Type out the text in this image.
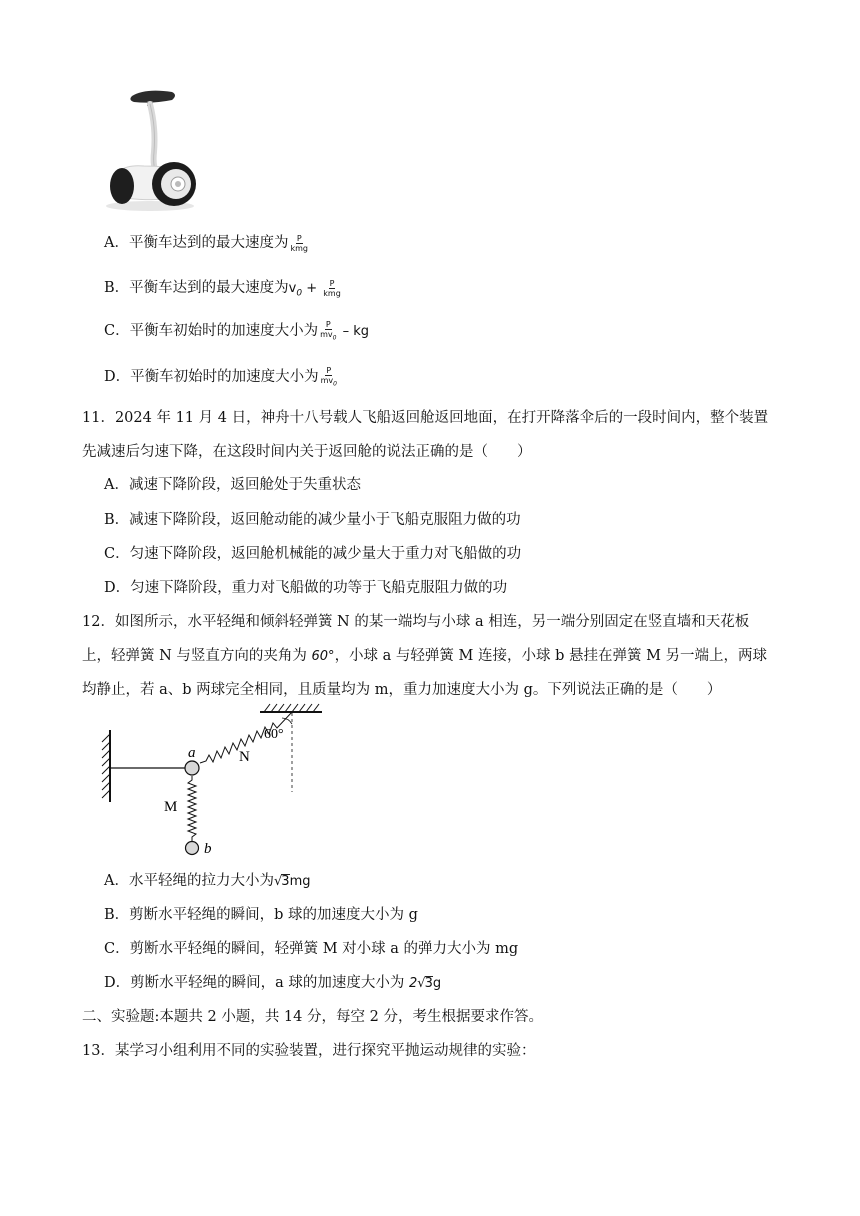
A．平衡车达到的最大速度为 $\frac{P}{\text{kmg}}$
B．平衡车达到的最大速度为$v_0 + \frac{P}{\text{kmg}}$
C．平衡车初始时的加速度大小为 $\frac{P}{mv_0}$ – kg
D．平衡车初始时的加速度大小为 $\frac{P}{mv_0}$
11．2024 年 11 月 4 日，神舟十八号载人飞船返回舱返回地面，在打开降落伞后的一段时间内，整个装置
先减速后匀速下降，在这段时间内关于返回舱的说法正确的是（　　）
A．减速下降阶段，返回舱处于失重状态
B．减速下降阶段，返回舱动能的减少量小于飞船克服阻力做的功
C．匀速下降阶段，返回舱机械能的减少量大于重力对飞船做的功
D．匀速下降阶段，重力对飞船做的功等于飞船克服阻力做的功
12．如图所示，水平轻绳和倾斜轻弹簧 N 的某一端均与小球 a 相连，另一端分别固定在竖直墙和天花板
上，轻弹簧 N 与竖直方向的夹角为 60°，小球 a 与轻弹簧 M 连接，小球 b 悬挂在弹簧 M 另一端上，两球
均静止，若 a、b 两球完全相同，且质量均为 m，重力加速度大小为 g。下列说法正确的是（　　）
a	N
M
b
60°
A．水平轻绳的拉力大小为√3mg
B．剪断水平轻绳的瞬间，b 球的加速度大小为 g
C．剪断水平轻绳的瞬间，轻弹簧 M 对小球 a 的弹力大小为 mg
D．剪断水平轻绳的瞬间，a 球的加速度大小为 2√3g
二、实验题:本题共 2 小题，共 14 分，每空 2 分，考生根据要求作答。
13．某学习小组利用不同的实验装置，进行探究平抛运动规律的实验：
